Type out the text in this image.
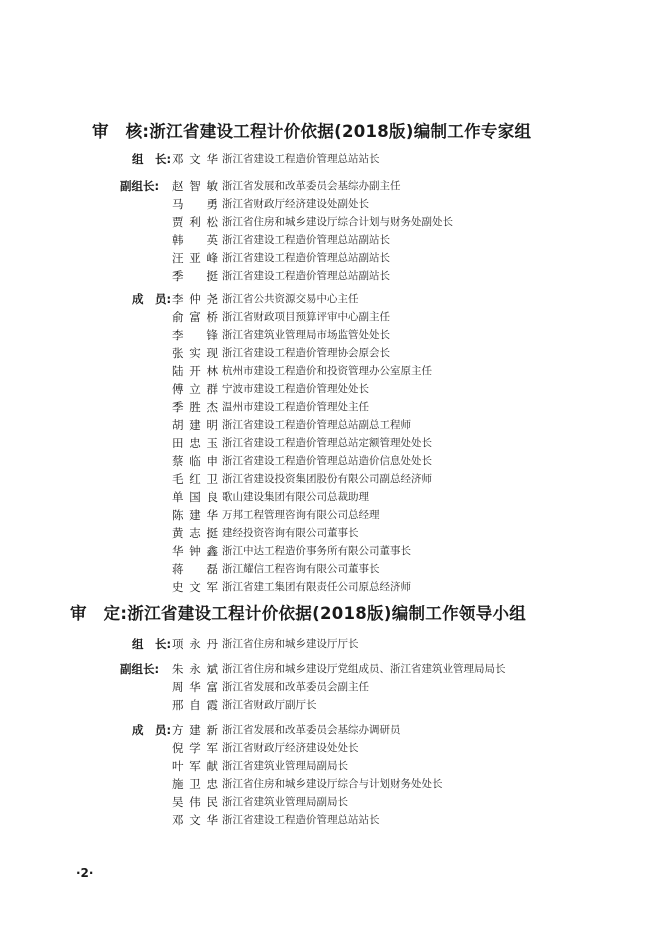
审　核:浙江省建设工程计价依据(2018版)编制工作专家组
组　长: 邓文华 浙江省建设工程造价管理总站站长
副组长:	赵智敏 浙江省发展和改革委员会基综办副主任
马　勇 浙江省财政厅经济建设处副处长
贾利松 浙江省住房和城乡建设厅综合计划与财务处副处长
韩　英 浙江省建设工程造价管理总站副站长
汪亚峰 浙江省建设工程造价管理总站副站长
季　挺 浙江省建设工程造价管理总站副站长
成　员: 李仲尧 浙江省公共资源交易中心主任
俞富桥 浙江省财政项目预算评审中心副主任
李　锋 浙江省建筑业管理局市场监管处处长
张实现 浙江省建设工程造价管理协会原会长
陆开林 杭州市建设工程造价和投资管理办公室原主任
傅立群 宁波市建设工程造价管理处处长
季胜杰 温州市建设工程造价管理处主任
胡建明 浙江省建设工程造价管理总站副总工程师
田忠玉 浙江省建设工程造价管理总站定额管理处处长
蔡临申 浙江省建设工程造价管理总站造价信息处处长
毛红卫 浙江省建设投资集团股份有限公司副总经济师
单国良 歌山建设集团有限公司总裁助理
陈建华 万邦工程管理咨询有限公司总经理
黄志挺 建经投资咨询有限公司董事长
华钟鑫 浙江中达工程造价事务所有限公司董事长
蒋　磊 浙江耀信工程咨询有限公司董事长
史文军 浙江省建工集团有限责任公司原总经济师
审　定:浙江省建设工程计价依据(2018版)编制工作领导小组
组　长: 项永丹 浙江省住房和城乡建设厅厅长
副组长:	朱永斌 浙江省住房和城乡建设厅党组成员、浙江省建筑业管理局局长
周华富 浙江省发展和改革委员会副主任
邢自霞 浙江省财政厅副厅长
成　员: 方建新 浙江省发展和改革委员会基综办调研员
倪学军 浙江省财政厅经济建设处处长
叶军献 浙江省建筑业管理局副局长
施卫忠 浙江省住房和城乡建设厅综合与计划财务处处长
吴伟民 浙江省建筑业管理局副局长
邓文华 浙江省建设工程造价管理总站站长
·2·
